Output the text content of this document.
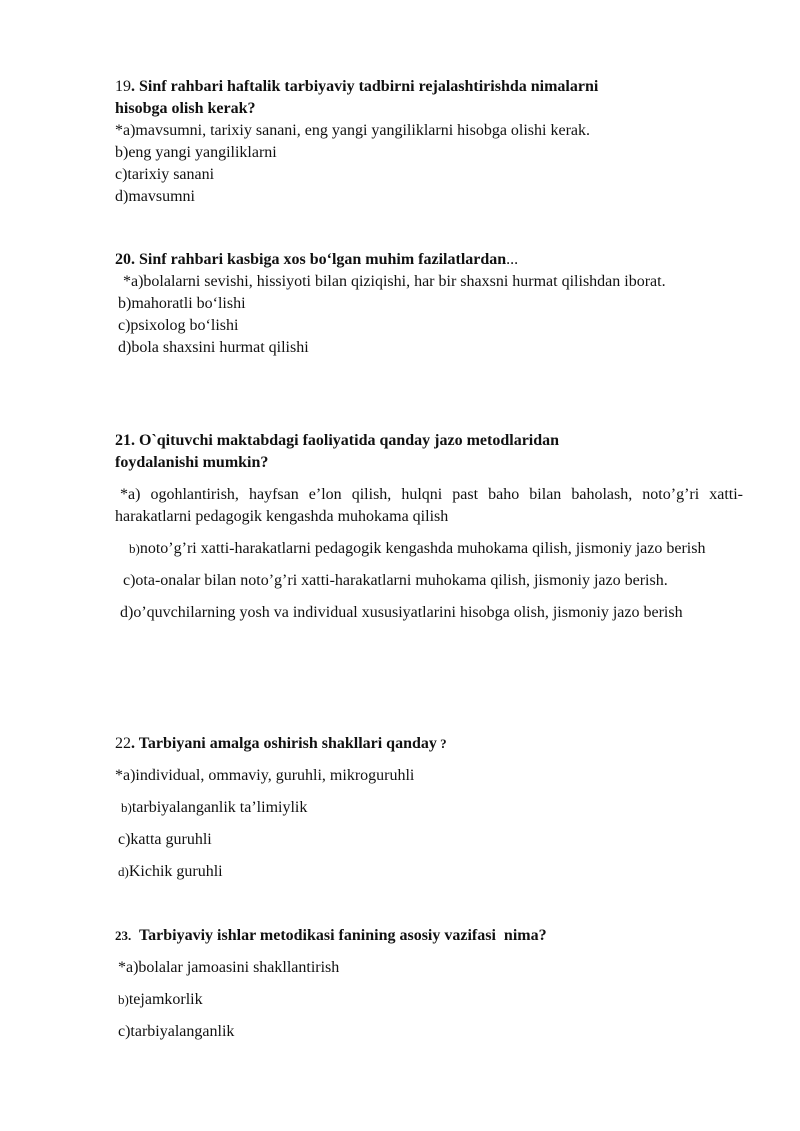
19. Sinf rahbari haftalik tarbiyaviy tadbirni rejalashtirishda nimalarni
hisobga olish kerak?
*a)mavsumni, tarixiy sanani, eng yangi yangiliklarni hisobga olishi kerak.
b)eng yangi yangiliklarni
c)tarixiy sanani
d)mavsumni
20. Sinf rahbari kasbiga xos bo‘lgan muhim fazilatlardan...
*a)bolalarni sevishi, hissiyoti bilan qiziqishi, har bir shaxsni hurmat qilishdan iborat.
b)mahoratli bo‘lishi
c)psixolog bo‘lishi
d)bola shaxsini hurmat qilishi
21. O`qituvchi maktabdagi faoliyatida qanday jazo metodlaridan
foydalanishi mumkin?
*a) ogohlantirish, hayfsan e’lon qilish, hulqni past baho bilan baholash, noto’g’ri xatti-harakatlarni pedagogik kengashda muhokama qilish
b)noto’g’ri xatti-harakatlarni pedagogik kengashda muhokama qilish, jismoniy jazo berish
c)ota-onalar bilan noto’g’ri xatti-harakatlarni muhokama qilish, jismoniy jazo berish.
d)o’quvchilarning yosh va individual xususiyatlarini hisobga olish, jismoniy jazo berish
22. Tarbiyani amalga oshirish shakllari qanday ?
*a)individual, ommaviy, guruhli, mikroguruhli
b)tarbiyalanganlik ta’limiylik
c)katta guruhli
d)Kichik guruhli
23.  Tarbiyaviy ishlar metodikasi fanining asosiy vazifasi  nima?
*a)bolalar jamoasini shakllantirish
b)tejamkorlik
c)tarbiyalanganlik
